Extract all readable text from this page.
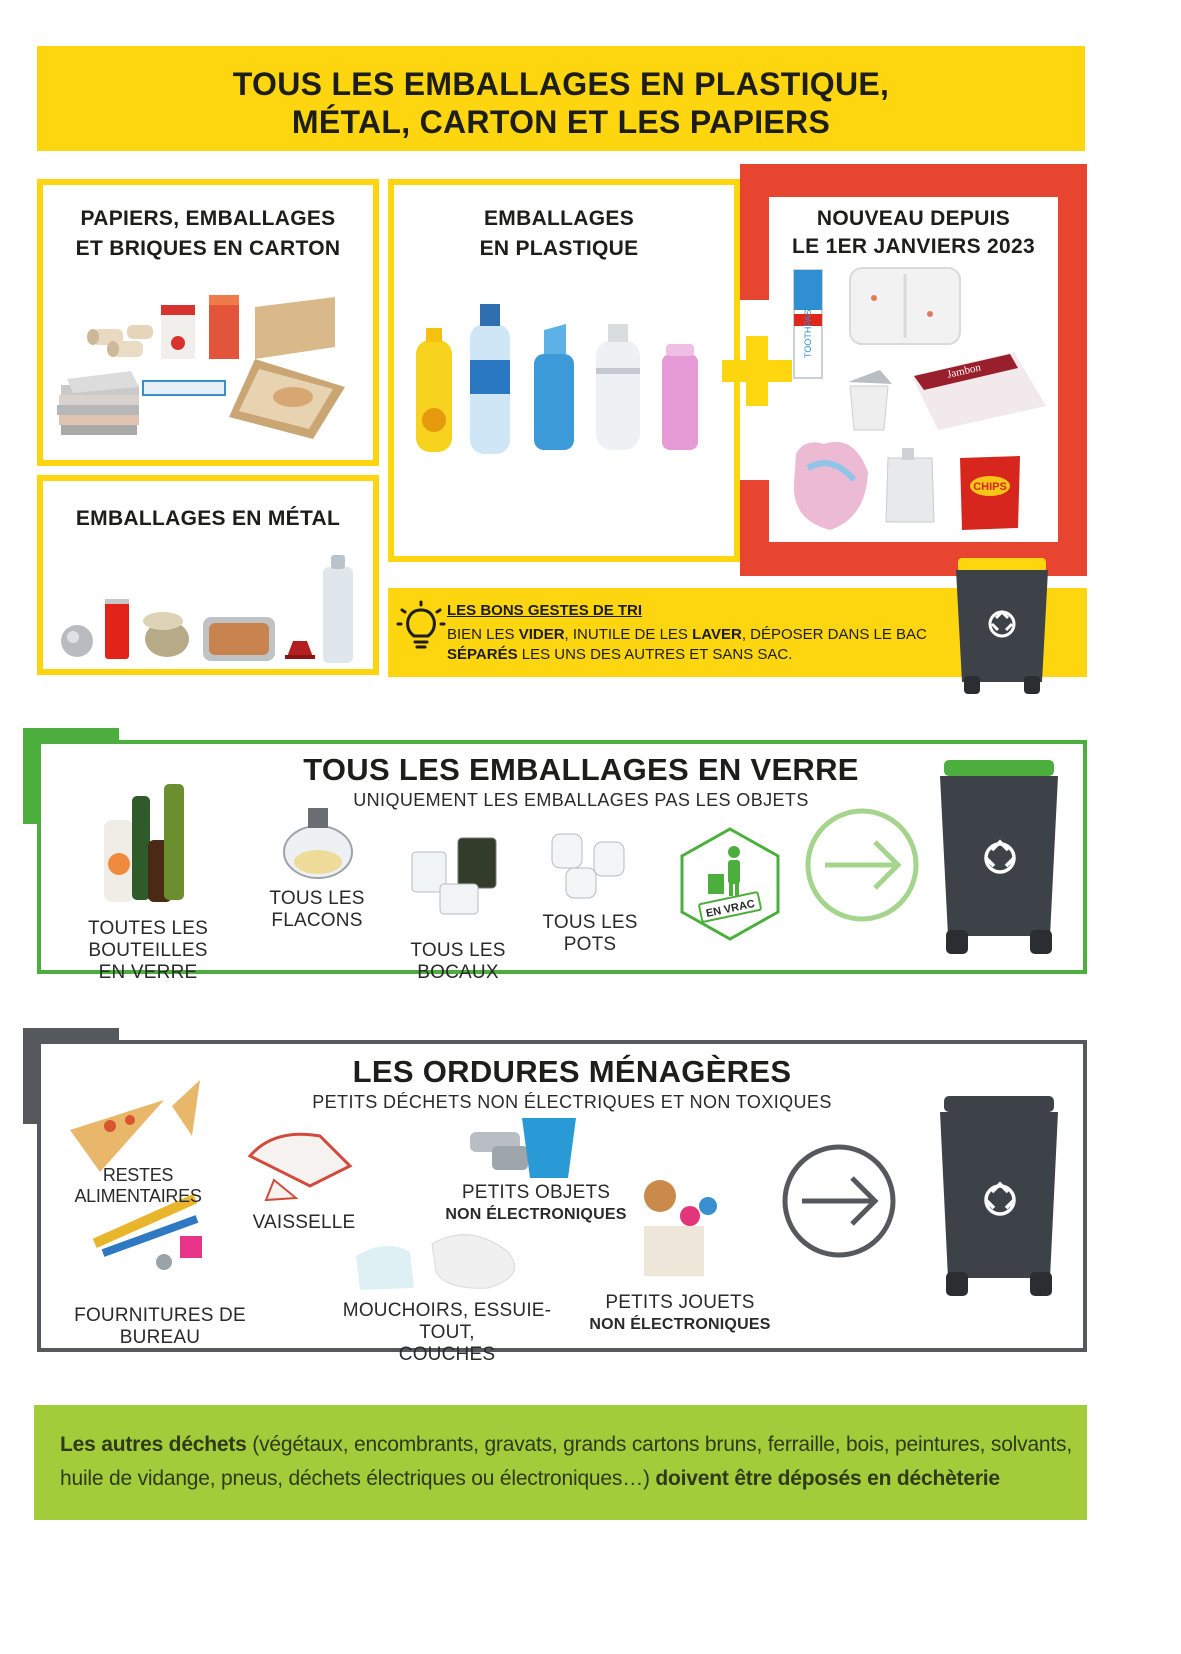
TOUS LES EMBALLAGES EN PLASTIQUE,
MÉTAL, CARTON ET LES PAPIERS
PAPIERS, EMBALLAGES
ET BRIQUES EN CARTON
EMBALLAGES EN MÉTAL
EMBALLAGES
EN PLASTIQUE
NOUVEAU DEPUIS
LE 1ER JANVIERS 2023
TOOTHPASTE
Jambon
CHIPS
LES BONS GESTES DE TRI
BIEN LES VIDER, INUTILE DE LES LAVER, DÉPOSER DANS LE BAC
SÉPARÉS LES UNS DES AUTRES ET SANS SAC.
TOUS LES EMBALLAGES EN VERRE
UNIQUEMENT LES EMBALLAGES PAS LES OBJETS
TOUTES LES BOUTEILLES
EN VERRE
TOUS LES FLACONS
TOUS LES BOCAUX
TOUS LES POTS
EN VRAC
LES ORDURES MÉNAGÈRES
PETITS DÉCHETS NON ÉLECTRIQUES ET NON TOXIQUES
RESTES ALIMENTAIRES
VAISSELLE
PETITS OBJETS
NON ÉLECTRONIQUES
FOURNITURES DE BUREAU
MOUCHOIRS, ESSUIE-TOUT,
COUCHES
PETITS JOUETS
NON ÉLECTRONIQUES
Les autres déchets (végétaux, encombrants, gravats, grands cartons bruns, ferraille, bois, peintures, solvants,
huile de vidange, pneus, déchets électriques ou électroniques…) doivent être déposés en déchèterie
